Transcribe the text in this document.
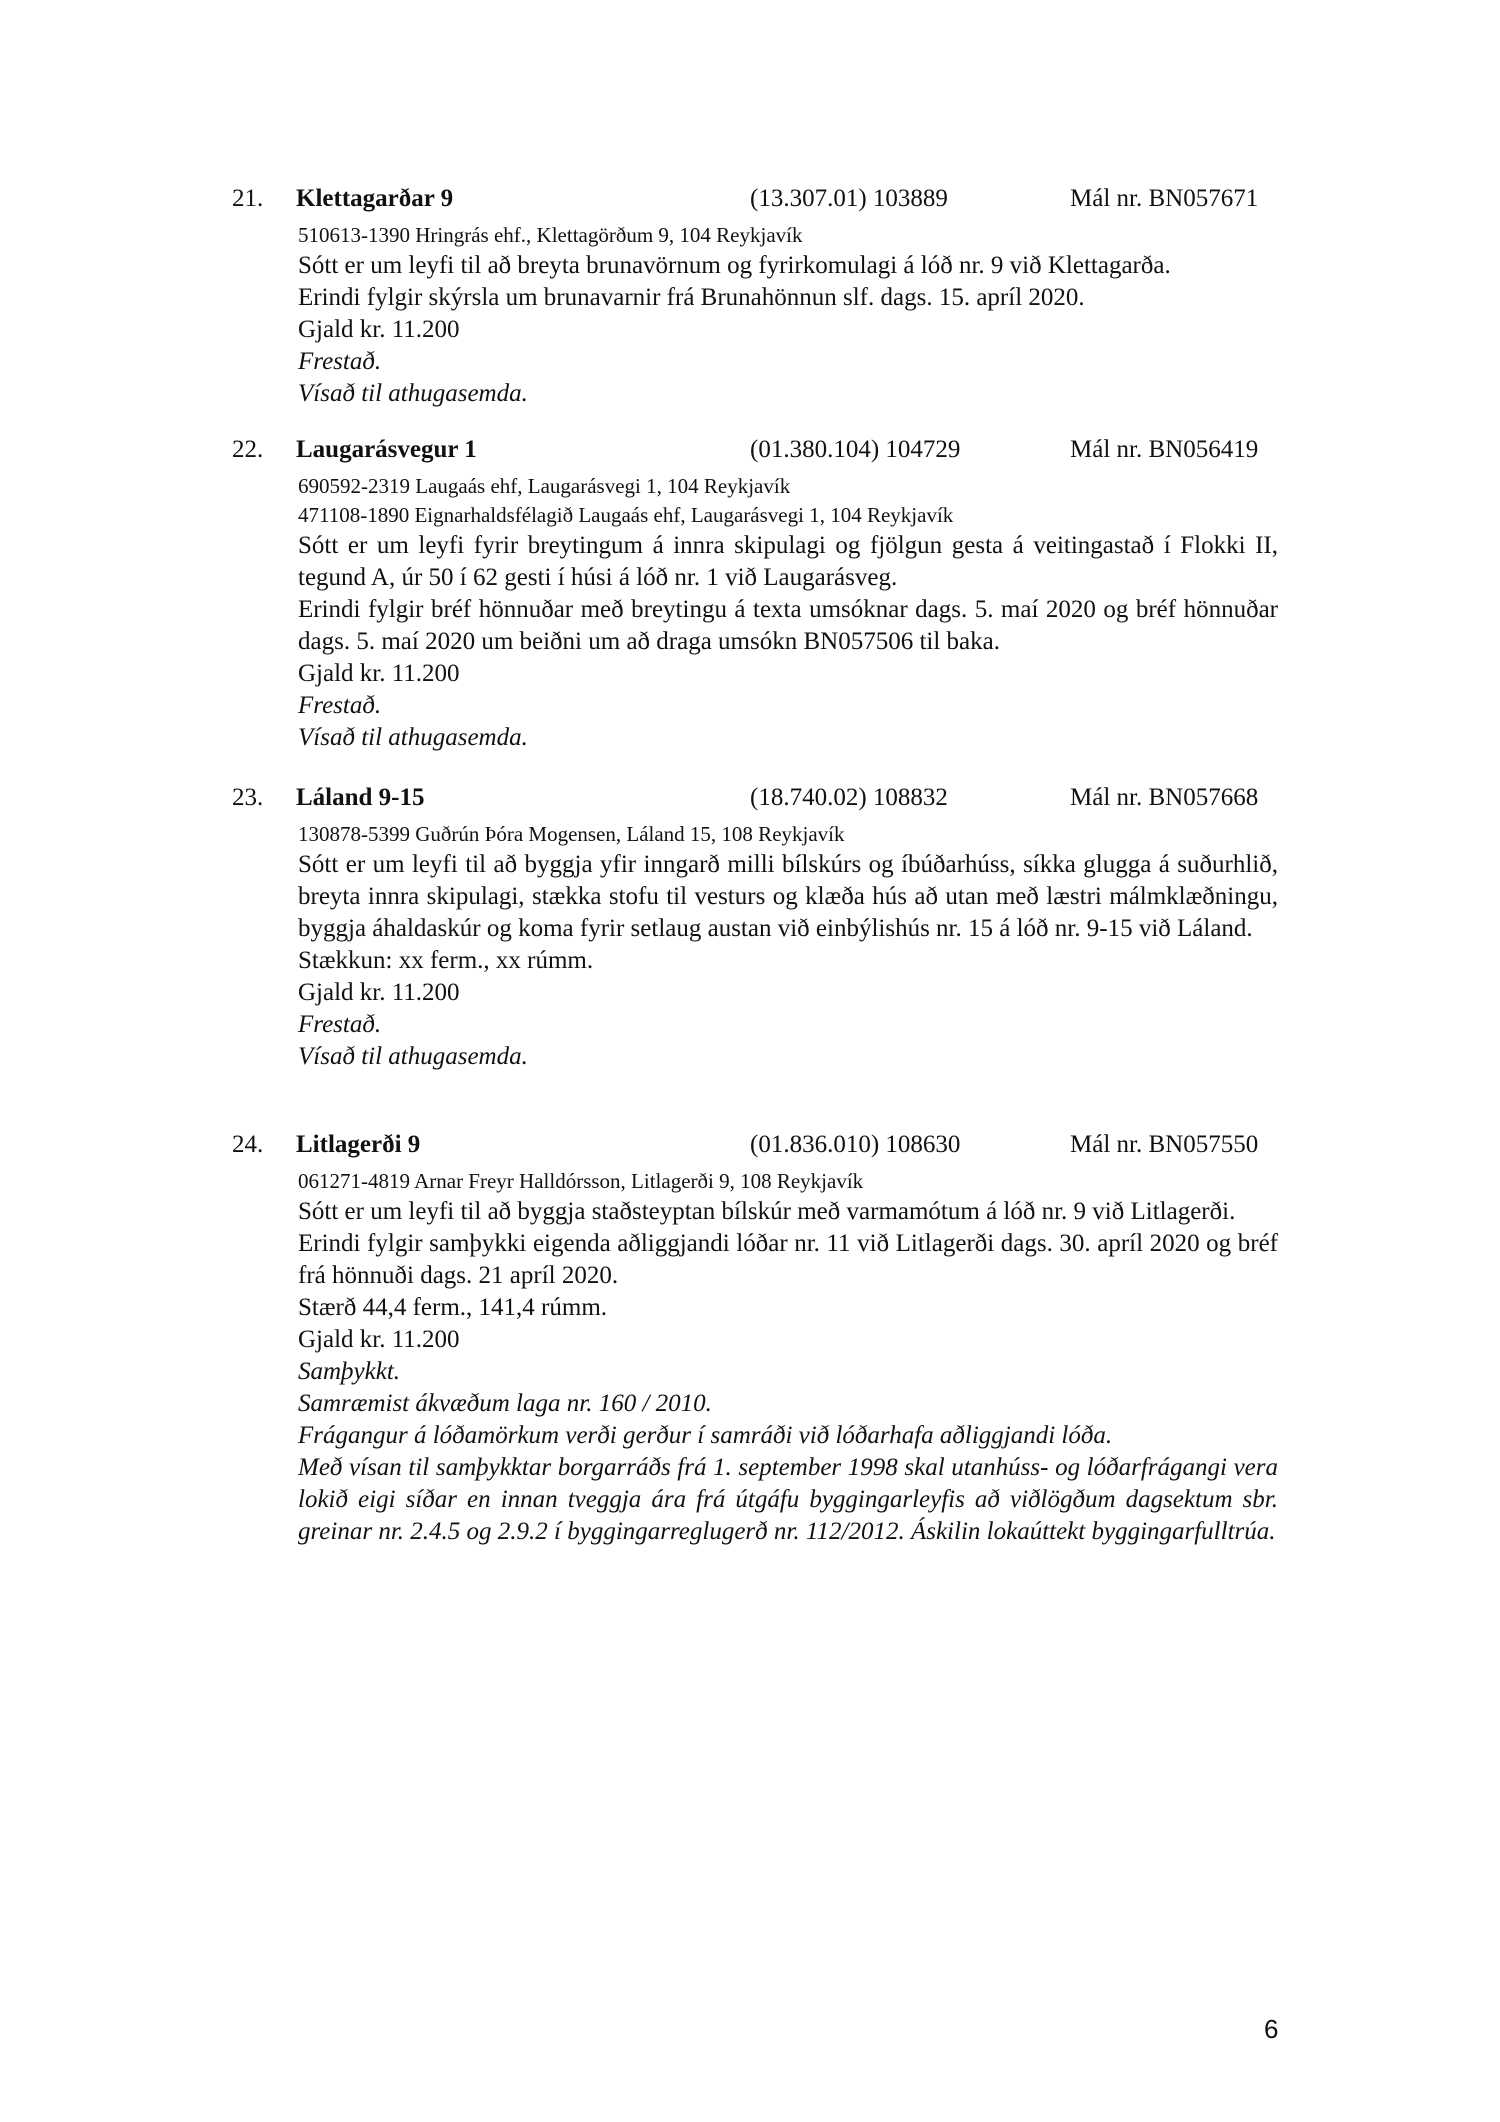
21. Klettagarðar 9	(13.307.01) 103889	Mál nr. BN057671
510613-1390 Hringrás ehf., Klettagörðum 9, 104 Reykjavík
Sótt er um leyfi til að breyta brunavörnum og fyrirkomulagi á lóð nr. 9 við Klettagarða.
Erindi fylgir skýrsla um brunavarnir frá Brunahönnun slf. dags. 15. apríl 2020.
Gjald kr. 11.200
Frestað.
Vísað til athugasemda.
22. Laugarásvegur 1	(01.380.104) 104729	Mál nr. BN056419
690592-2319 Laugaás ehf, Laugarásvegi 1, 104 Reykjavík
471108-1890 Eignarhaldsfélagið Laugaás ehf, Laugarásvegi 1, 104 Reykjavík
Sótt er um leyfi fyrir breytingum á innra skipulagi og fjölgun gesta á veitingastað í Flokki II, tegund A, úr 50 í 62 gesti í húsi á lóð nr. 1 við Laugarásveg.
Erindi fylgir bréf hönnuðar með breytingu á texta umsóknar dags. 5. maí 2020 og bréf hönnuðar dags. 5. maí 2020 um beiðni um að draga umsókn BN057506 til baka.
Gjald kr. 11.200
Frestað.
Vísað til athugasemda.
23. Láland 9-15	(18.740.02) 108832	Mál nr. BN057668
130878-5399 Guðrún Þóra Mogensen, Láland 15, 108 Reykjavík
Sótt er um leyfi til að byggja yfir inngarð milli bílskúrs og íbúðarhúss, síkka glugga á suðurhlið, breyta innra skipulagi, stækka stofu til vesturs og klæða hús að utan með læstri málmklæðningu, byggja áhaldaskúr og koma fyrir setlaug austan við einbýlishús nr. 15 á lóð nr. 9-15 við Láland.
Stækkun: xx ferm., xx rúmm.
Gjald kr. 11.200
Frestað.
Vísað til athugasemda.
24. Litlagerði 9	(01.836.010) 108630	Mál nr. BN057550
061271-4819 Arnar Freyr Halldórsson, Litlagerði 9, 108 Reykjavík
Sótt er um leyfi til að byggja staðsteyptan bílskúr með varmamótum á lóð nr. 9 við Litlagerði.
Erindi fylgir samþykki eigenda aðliggjandi lóðar nr. 11 við Litlagerði dags. 30. apríl 2020 og bréf frá hönnuði dags. 21 apríl 2020.
Stærð 44,4 ferm., 141,4 rúmm.
Gjald kr. 11.200
Samþykkt.
Samræmist ákvæðum laga nr. 160 / 2010.
Frágangur á lóðamörkum verði gerður í samráði við lóðarhafa aðliggjandi lóða.
Með vísan til samþykktar borgarráðs frá 1. september 1998 skal utanhúss- og lóðarfrágangi vera lokið eigi síðar en innan tveggja ára frá útgáfu byggingarleyfis að viðlögðum dagsektum sbr. greinar nr. 2.4.5 og 2.9.2 í byggingarreglugerð nr. 112/2012. Áskilin lokaúttekt byggingarfulltrúa.
6
